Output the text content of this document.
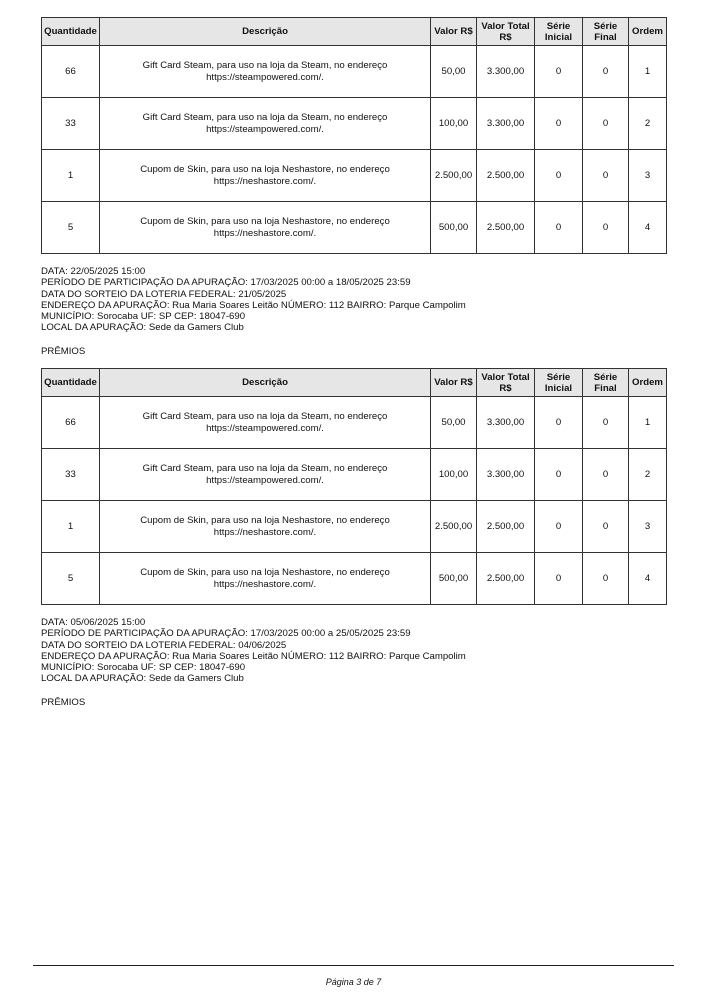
Quantidade	Descrição	Valor R$	Valor Total R$	Série Inicial	Série Final	Ordem
66	Gift Card Steam, para uso na loja da Steam, no endereço https://steampowered.com/.	50,00	3.300,00	0	0	1
33	Gift Card Steam, para uso na loja da Steam, no endereço https://steampowered.com/.	100,00	3.300,00	0	0	2
1	Cupom de Skin, para uso na loja Neshastore, no endereço https://neshastore.com/.	2.500,00	2.500,00	0	0	3
5	Cupom de Skin, para uso na loja Neshastore, no endereço https://neshastore.com/.	500,00	2.500,00	0	0	4
DATA: 22/05/2025 15:00
PERÍODO DE PARTICIPAÇÃO DA APURAÇÃO: 17/03/2025 00:00 a 18/05/2025 23:59
DATA DO SORTEIO DA LOTERIA FEDERAL: 21/05/2025
ENDEREÇO DA APURAÇÃO: Rua Maria Soares Leitão NÚMERO: 112 BAIRRO: Parque Campolim
MUNICÍPIO: Sorocaba UF: SP CEP: 18047-690
LOCAL DA APURAÇÃO: Sede da Gamers Club
PRÊMIOS
Quantidade	Descrição	Valor R$	Valor Total R$	Série Inicial	Série Final	Ordem
66	Gift Card Steam, para uso na loja da Steam, no endereço https://steampowered.com/.	50,00	3.300,00	0	0	1
33	Gift Card Steam, para uso na loja da Steam, no endereço https://steampowered.com/.	100,00	3.300,00	0	0	2
1	Cupom de Skin, para uso na loja Neshastore, no endereço https://neshastore.com/.	2.500,00	2.500,00	0	0	3
5	Cupom de Skin, para uso na loja Neshastore, no endereço https://neshastore.com/.	500,00	2.500,00	0	0	4
DATA: 05/06/2025 15:00
PERÍODO DE PARTICIPAÇÃO DA APURAÇÃO: 17/03/2025 00:00 a 25/05/2025 23:59
DATA DO SORTEIO DA LOTERIA FEDERAL: 04/06/2025
ENDEREÇO DA APURAÇÃO: Rua Maria Soares Leitão NÚMERO: 112 BAIRRO: Parque Campolim
MUNICÍPIO: Sorocaba UF: SP CEP: 18047-690
LOCAL DA APURAÇÃO: Sede da Gamers Club
PRÊMIOS
Página 3 de 7
